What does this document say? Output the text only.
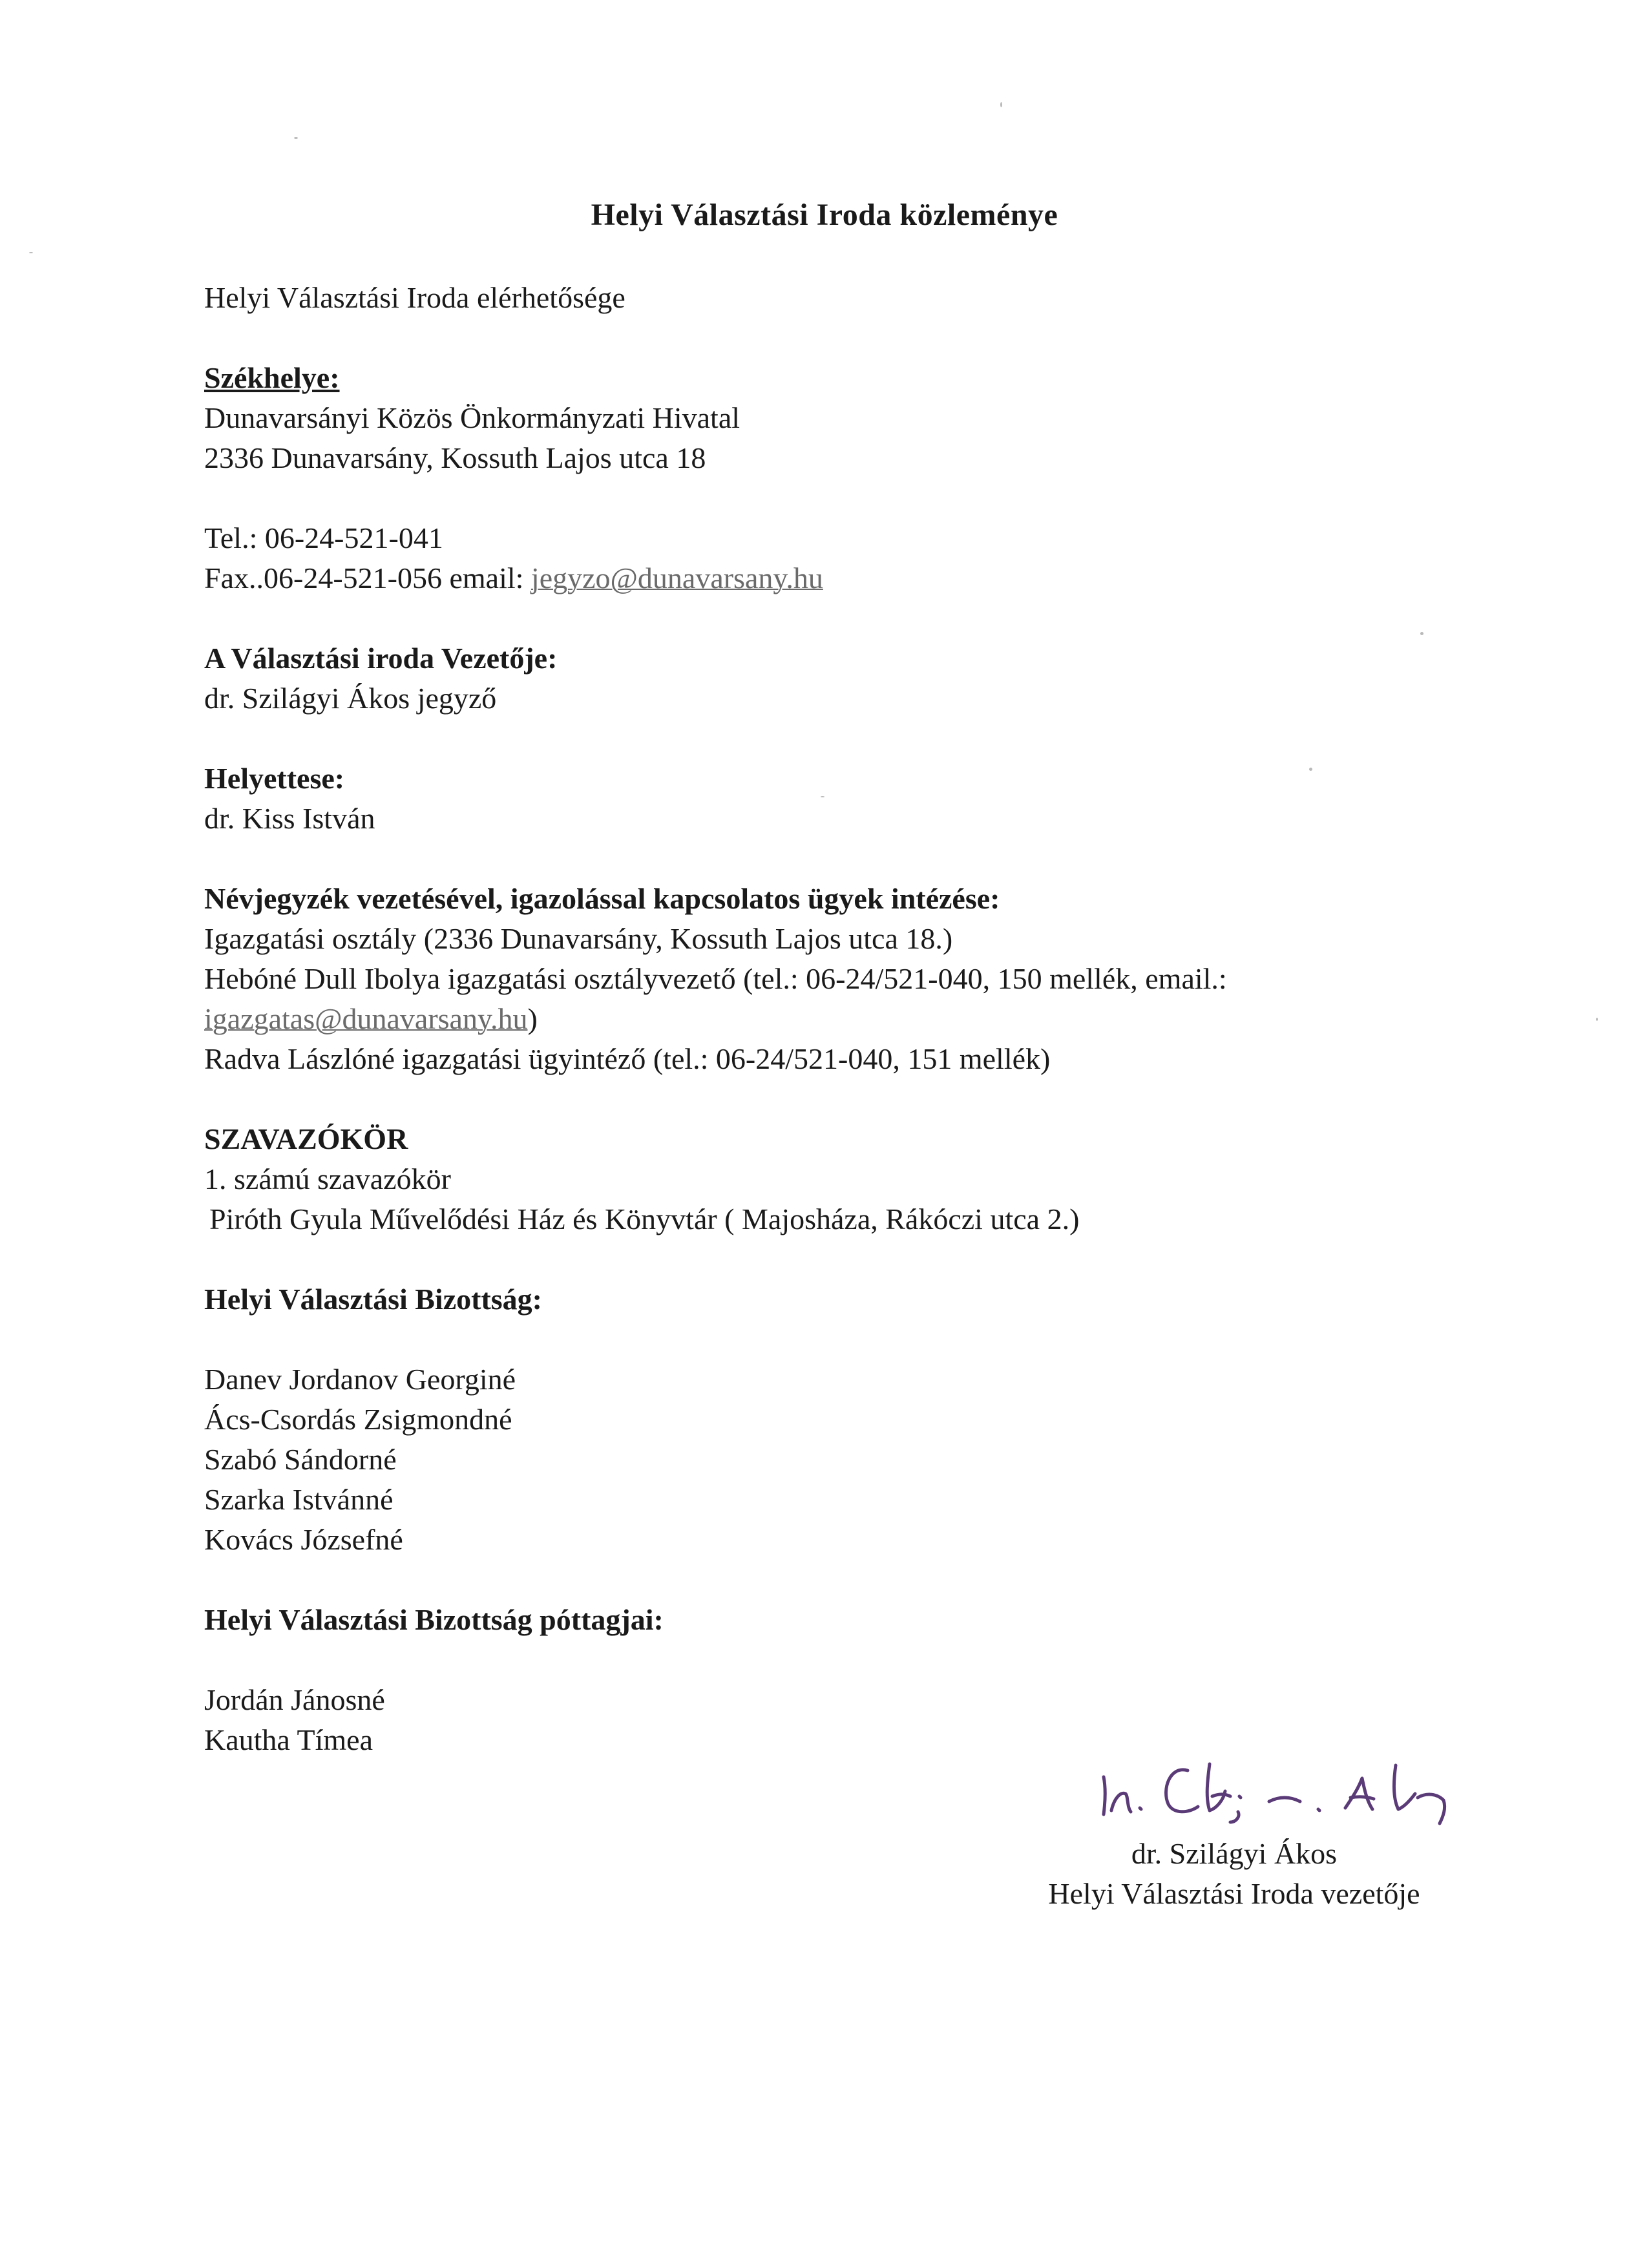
Helyi Választási Iroda közleménye
Helyi Választási Iroda elérhetősége
Székhelye:
Dunavarsányi Közös Önkormányzati Hivatal
2336 Dunavarsány, Kossuth Lajos utca 18
Tel.: 06-24-521-041
Fax..06-24-521-056 email: jegyzo@dunavarsany.hu
A Választási iroda Vezetője:
dr. Szilágyi Ákos jegyző
Helyettese:
dr. Kiss István
Névjegyzék vezetésével, igazolással kapcsolatos ügyek intézése:
Igazgatási osztály (2336 Dunavarsány, Kossuth Lajos utca 18.)
Hebóné Dull Ibolya igazgatási osztályvezető (tel.: 06-24/521-040, 150 mellék, email.:
igazgatas@dunavarsany.hu)
Radva Lászlóné igazgatási ügyintéző (tel.: 06-24/521-040, 151 mellék)
SZAVAZÓKÖR
1. számú szavazókör
Piróth Gyula Művelődési Ház és Könyvtár ( Majosháza, Rákóczi utca 2.)
Helyi Választási Bizottság:
Danev Jordanov Georginé
Ács-Csordás Zsigmondné
Szabó Sándorné
Szarka Istvánné
Kovács Józsefné
Helyi Választási Bizottság póttagjai:
Jordán Jánosné
Kautha Tímea
dr. Szilágyi Ákos
Helyi Választási Iroda vezetője
